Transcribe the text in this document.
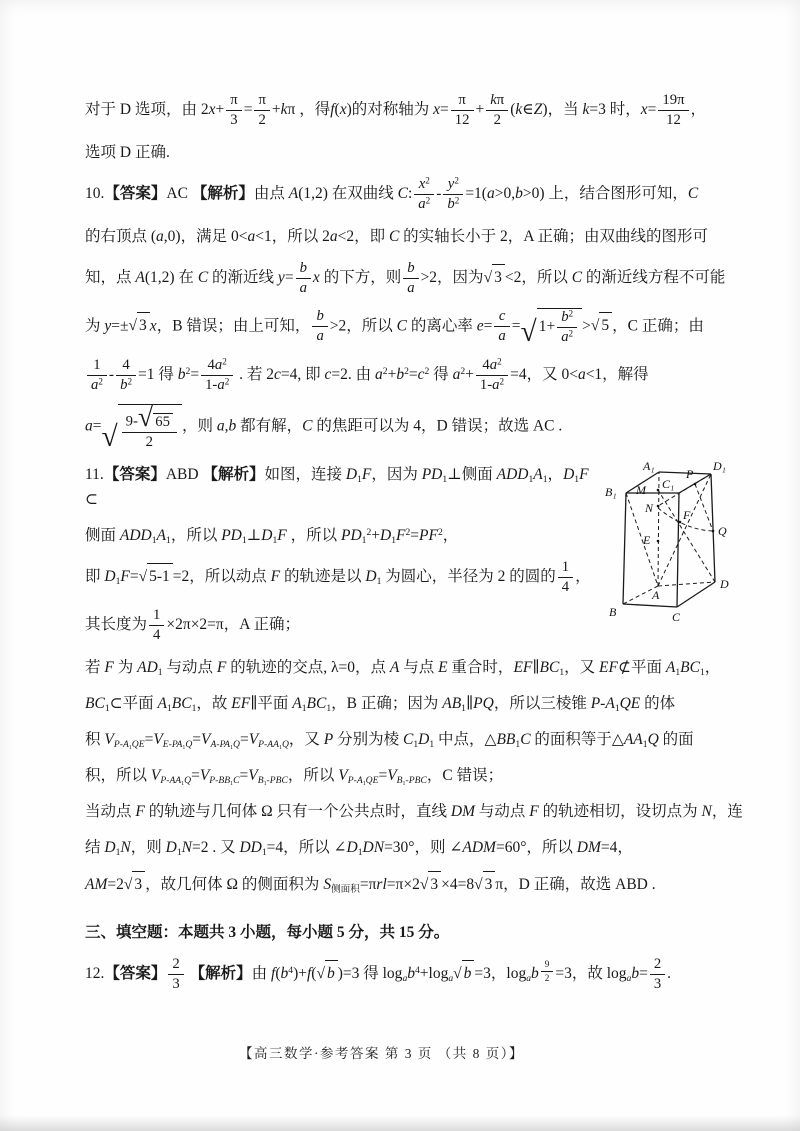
对于 D 选项，由 $2x+ \frac{\pi}{3} = \frac{\pi}{2} +k\pi$ ，得f(x)的对称轴为 $x= \frac{\pi}{12} + \frac{k\pi}{2}$ (k∈Z)，当 k=3 时，$x= \frac{19\pi}{12}$ ，
选项 D 正确.
10.【答案】AC 【解析】由点 A(1,2) 在双曲线 C: $\frac{x^2}{a^2} - \frac{y^2}{b^2} =1(a>0,b>0)$ 上，结合图形可知，C
的右顶点 (a,0)，满足 0<a<1，所以 2a<2，即 C 的实轴长小于 2，A 正确；由双曲线的图形可
知，点 A(1,2) 在 C 的渐近线 $y= \frac{b}{a}$ x 的下方，则 $\frac{b}{a} >2$，因为√ 3 <2，所以 C 的渐近线方程不可能
为 y=±√ 3 x，B 错误；由上可知， $\frac{b}{a} >2$，所以 C 的离心率 $e= \frac{c}{a}$ =√ $1+ \frac{b^2}{a^2}$ >√ 5 ，C 正确；由
$\frac{1}{a^2} - \frac{4}{b^2} =1$ 得 $b^2= \frac{4a^2}{1-a^2}$ . 若 2c=4, 即 c=2. 由 $a^2+b^2=c^2$ 得 $a^2+ \frac{4a^2}{1-a^2} =4$，又 0<a<1，解得
$a=√ \frac{9-√ 65}{2}$ ，则 a,b 都有解，C 的焦距可以为 4，D 错误；故选 AC .
A₁	D₁
B₁
C₁
M
P
N F
E
Q
A
B	C
D
11.【答案】ABD 【解析】如图，连接 $D_1F$，因为 $PD_1\perp$侧面 $ADD_1A_1$，$D_1F$ ⊂
侧面 $ADD_1A_1$，所以 $PD_1\perp D_1F$ ，所以 $PD_1^2+D_1F^2=PF^2$，
即 $D_1F=√$ 5-1 =2，所以动点 F 的轨迹是以 $D_1$ 为圆心，半径为 2 的圆的 $\frac{1}{4}$ ，
其长度为 $\frac{1}{4} \times 2\pi\times 2=\pi$，A 正确；
若 F 为 $AD_1$ 与动点 F 的轨迹的交点, λ=0，点 A 与点 E 重合时，$EF\parallel BC_1$，又 EF⊄平面 $A_1BC_1$，
$BC_1\subset$平面 $A_1BC_1$，故 EF∥平面 $A_1BC_1$，B 正确；因为 $AB_1\parallel PQ$，所以三棱锥 $P-A_1QE$ 的体
积 $V_{P-A_1QE}=V_{E-PA_1Q}=V_{A-PA_1Q}=V_{P-AA_1Q}$，又 P 分别为棱 $C_1D_1$ 中点，$\triangle BB_1C$ 的面积等于$\triangle AA_1Q$ 的面
积，所以 $V_{P-AA_1Q}=V_{P-BB_1C}=V_{B_1-PBC}$，所以 $V_{P-A_1QE}=V_{B_1-PBC}$，C 错误；
当动点 F 的轨迹与几何体 Ω 只有一个公共点时，直线 DM 与动点 F 的轨迹相切，设切点为 N，连
结 $D_1N$，则 $D_1N=2$ . 又 $DD_1=4$，所以 $\angle D_1DN=30^\circ$，则 ∠ADM=60°，所以 DM=4，
AM=2√ 3 ，故几何体 Ω 的侧面积为 $S_{侧面积}=\pi rl=\pi\times 2√$ 3 ×4=8√ 3 π，D 正确，故选 ABD .
三、填空题：本题共 3 小题，每小题 5 分，共 15 分。
12.【答案】 $\frac{2}{3}$ 【解析】由 $f(b^4)+f(√$ b )=3 得 $\log_ab^4+\log_a√$ b =3，$\log_ab$ $^{\frac{9}{2}}$ =3，故 $\log_ab= \frac{2}{3}$ .
【高三数学·参考答案 第 3 页 （共 8 页）】
